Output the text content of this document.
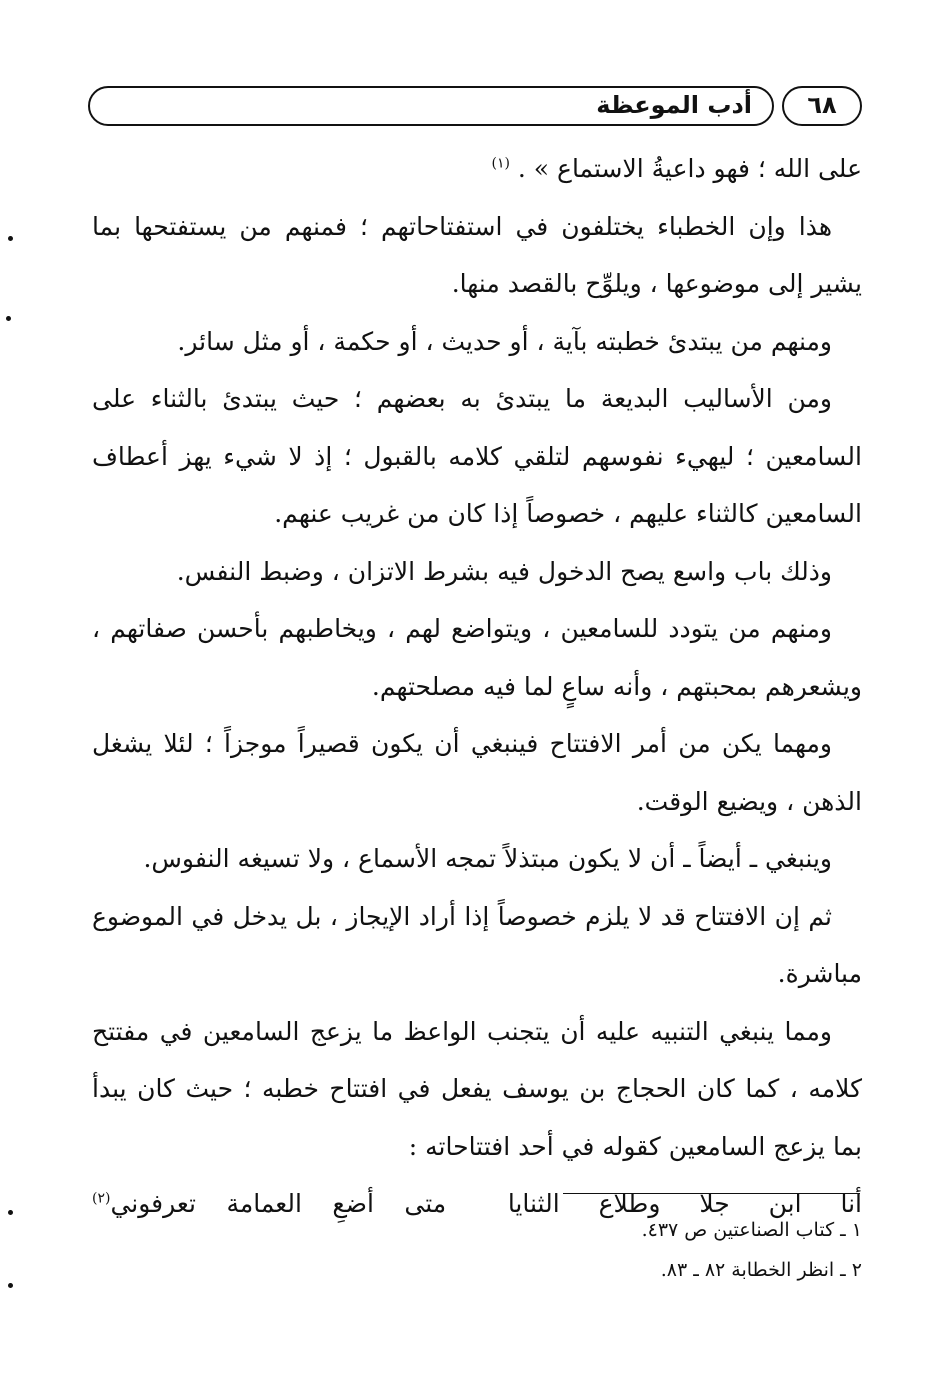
أدب الموعظة	٦٨

على الله ؛ فهو داعيةُ الاستماع » . $^{(١)}$

هذا وإن الخطباء يختلفون في استفتاحاتهم ؛ فمنهم من يستفتحها بما يشير إلى موضوعها ، ويلوِّح بالقصد منها.

ومنهم من يبتدئ خطبته بآية ، أو حديث ، أو حكمة ، أو مثل سائر.

ومن الأساليب البديعة ما يبتدئ به بعضهم ؛ حيث يبتدئ بالثناء على السامعين ؛ ليهيء نفوسهم لتلقي كلامه بالقبول ؛ إذ لا شيء يهز أعطاف السامعين كالثناء عليهم ، خصوصاً إذا كان من غريب عنهم.

وذلك باب واسع يصح الدخول فيه بشرط الاتزان ، وضبط النفس.

ومنهم من يتودد للسامعين ، ويتواضع لهم ، ويخاطبهم بأحسن صفاتهم ، ويشعرهم بمحبتهم ، وأنه ساعٍ لما فيه مصلحتهم.

ومهما يكن من أمر الافتتاح فينبغي أن يكون قصيراً موجزاً ؛ لئلا يشغل الذهن ، ويضيع الوقت.

وينبغي ـ أيضاً ـ أن لا يكون مبتذلاً تمجه الأسماع ، ولا تسيغه النفوس.

ثم إن الافتتاح قد لا يلزم خصوصاً إذا أراد الإيجاز ، بل يدخل في الموضوع مباشرة.

ومما ينبغي التنبيه عليه أن يتجنب الواعظ ما يزعج السامعين في مفتتح كلامه ، كما كان الحجاج بن يوسف يفعل في افتتاح خطبه ؛ حيث كان يبدأ بما يزعج السامعين كقوله في أحد افتتاحاته :

أنا ابن جلا وطلاع الثنايا
متى أضعِ العمامة تعرفوني$^{(٢)}$
١ ـ كتاب الصناعتين ص ٤٣٧.
٢ ـ انظر الخطابة ٨٢ ـ ٨٣.
